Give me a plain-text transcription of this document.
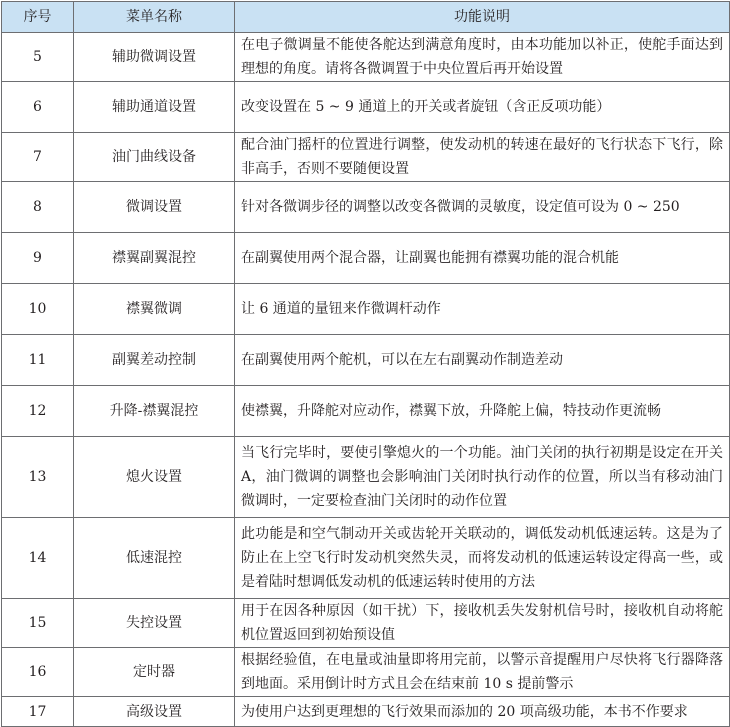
序号	菜单名称	功能说明
5	辅助微调设置	在电子微调量不能使各舵达到满意角度时，由本功能加以补正，使舵手面达到理想的角度。请将各微调置于中央位置后再开始设置
6	辅助通道设置	改变设置在 5 ~ 9 通道上的开关或者旋钮（含正反项功能）
7	油门曲线设备	配合油门摇杆的位置进行调整，使发动机的转速在最好的飞行状态下飞行，除非高手，否则不要随便设置
8	微调设置	针对各微调步径的调整以改变各微调的灵敏度，设定值可设为 0 ~ 250
9	襟翼副翼混控	在副翼使用两个混合器，让副翼也能拥有襟翼功能的混合机能
10	襟翼微调	让 6 通道的量钮来作微调杆动作
11	副翼差动控制	在副翼使用两个舵机，可以在左右副翼动作制造差动
12	升降-襟翼混控	使襟翼，升降舵对应动作，襟翼下放，升降舵上偏，特技动作更流畅
13	熄火设置	当飞行完毕时，要使引擎熄火的一个功能。油门关闭的执行初期是设定在开关 A，油门微调的调整也会影响油门关闭时执行动作的位置，所以当有移动油门微调时，一定要检查油门关闭时的动作位置
14	低速混控	此功能是和空气制动开关或齿轮开关联动的，调低发动机低速运转。这是为了防止在上空飞行时发动机突然失灵，而将发动机的低速运转设定得高一些，或是着陆时想调低发动机的低速运转时使用的方法
15	失控设置	用于在因各种原因（如干扰）下，接收机丢失发射机信号时，接收机自动将舵机位置返回到初始预设值
16	定时器	根据经验值，在电量或油量即将用完前，以警示音提醒用户尽快将飞行器降落到地面。采用倒计时方式且会在结束前 10 s 提前警示
17	高级设置	为使用户达到更理想的飞行效果而添加的 20 项高级功能，本书不作要求
